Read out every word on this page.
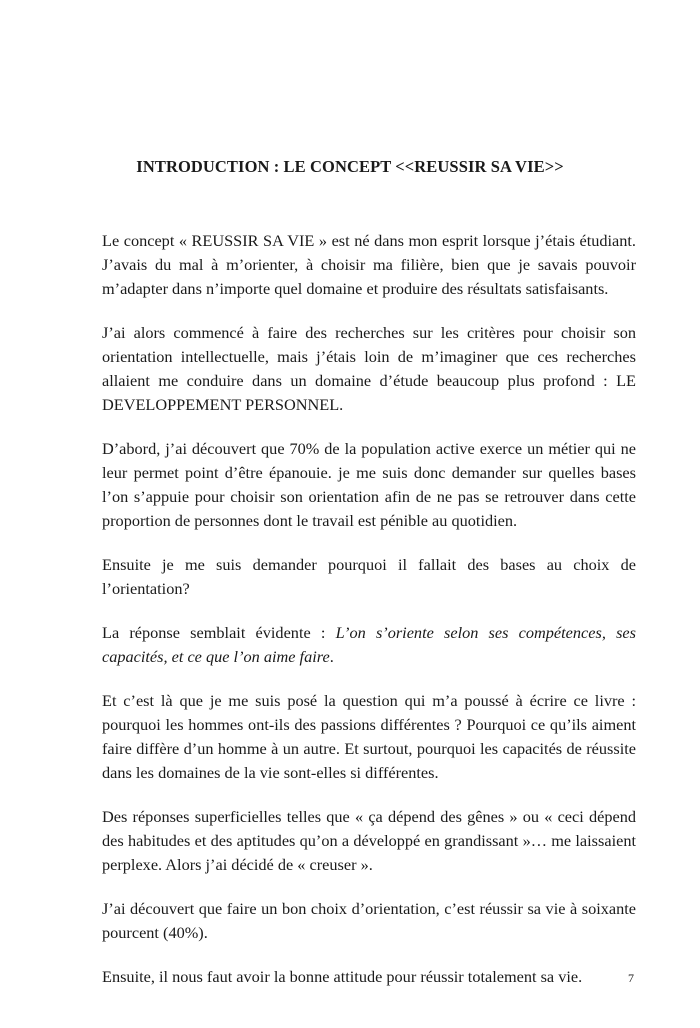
INTRODUCTION : LE CONCEPT <<REUSSIR SA VIE>>

Le concept « REUSSIR SA VIE » est né dans mon esprit lorsque j’étais étudiant. J’avais du mal à m’orienter, à choisir ma filière, bien que je savais pouvoir m’adapter dans n’importe quel domaine et produire des résultats satisfaisants.

J’ai alors commencé à faire des recherches sur les critères pour choisir son orientation intellectuelle, mais j’étais loin de m’imaginer que ces recherches allaient me conduire dans un domaine d’étude beaucoup plus profond : LE DEVELOPPEMENT PERSONNEL.

D’abord, j’ai découvert que 70% de la population active exerce un métier qui ne leur permet point d’être épanouie. je me suis donc demander sur quelles bases l’on s’appuie pour choisir son orientation afin de ne pas se retrouver dans cette proportion de personnes dont le travail est pénible au quotidien.

Ensuite je me suis demander pourquoi il fallait des bases au choix de l’orientation?

La réponse semblait évidente : L’on s’oriente selon ses compétences, ses capacités, et ce que l’on aime faire.

Et c’est là que je me suis posé la question qui m’a poussé à écrire ce livre : pourquoi les hommes ont-ils des passions différentes ? Pourquoi ce qu’ils aiment faire diffère d’un homme à un autre. Et surtout, pourquoi les capacités de réussite dans les domaines de la vie sont-elles si différentes.

Des réponses superficielles telles que « ça dépend des gênes » ou « ceci dépend des habitudes et des aptitudes qu’on a développé en grandissant »… me laissaient perplexe. Alors j’ai décidé de « creuser ».

J’ai découvert que faire un bon choix d’orientation, c’est réussir sa vie à soixante pourcent (40%).

Ensuite, il nous faut avoir la bonne attitude pour réussir totalement sa vie.	7
